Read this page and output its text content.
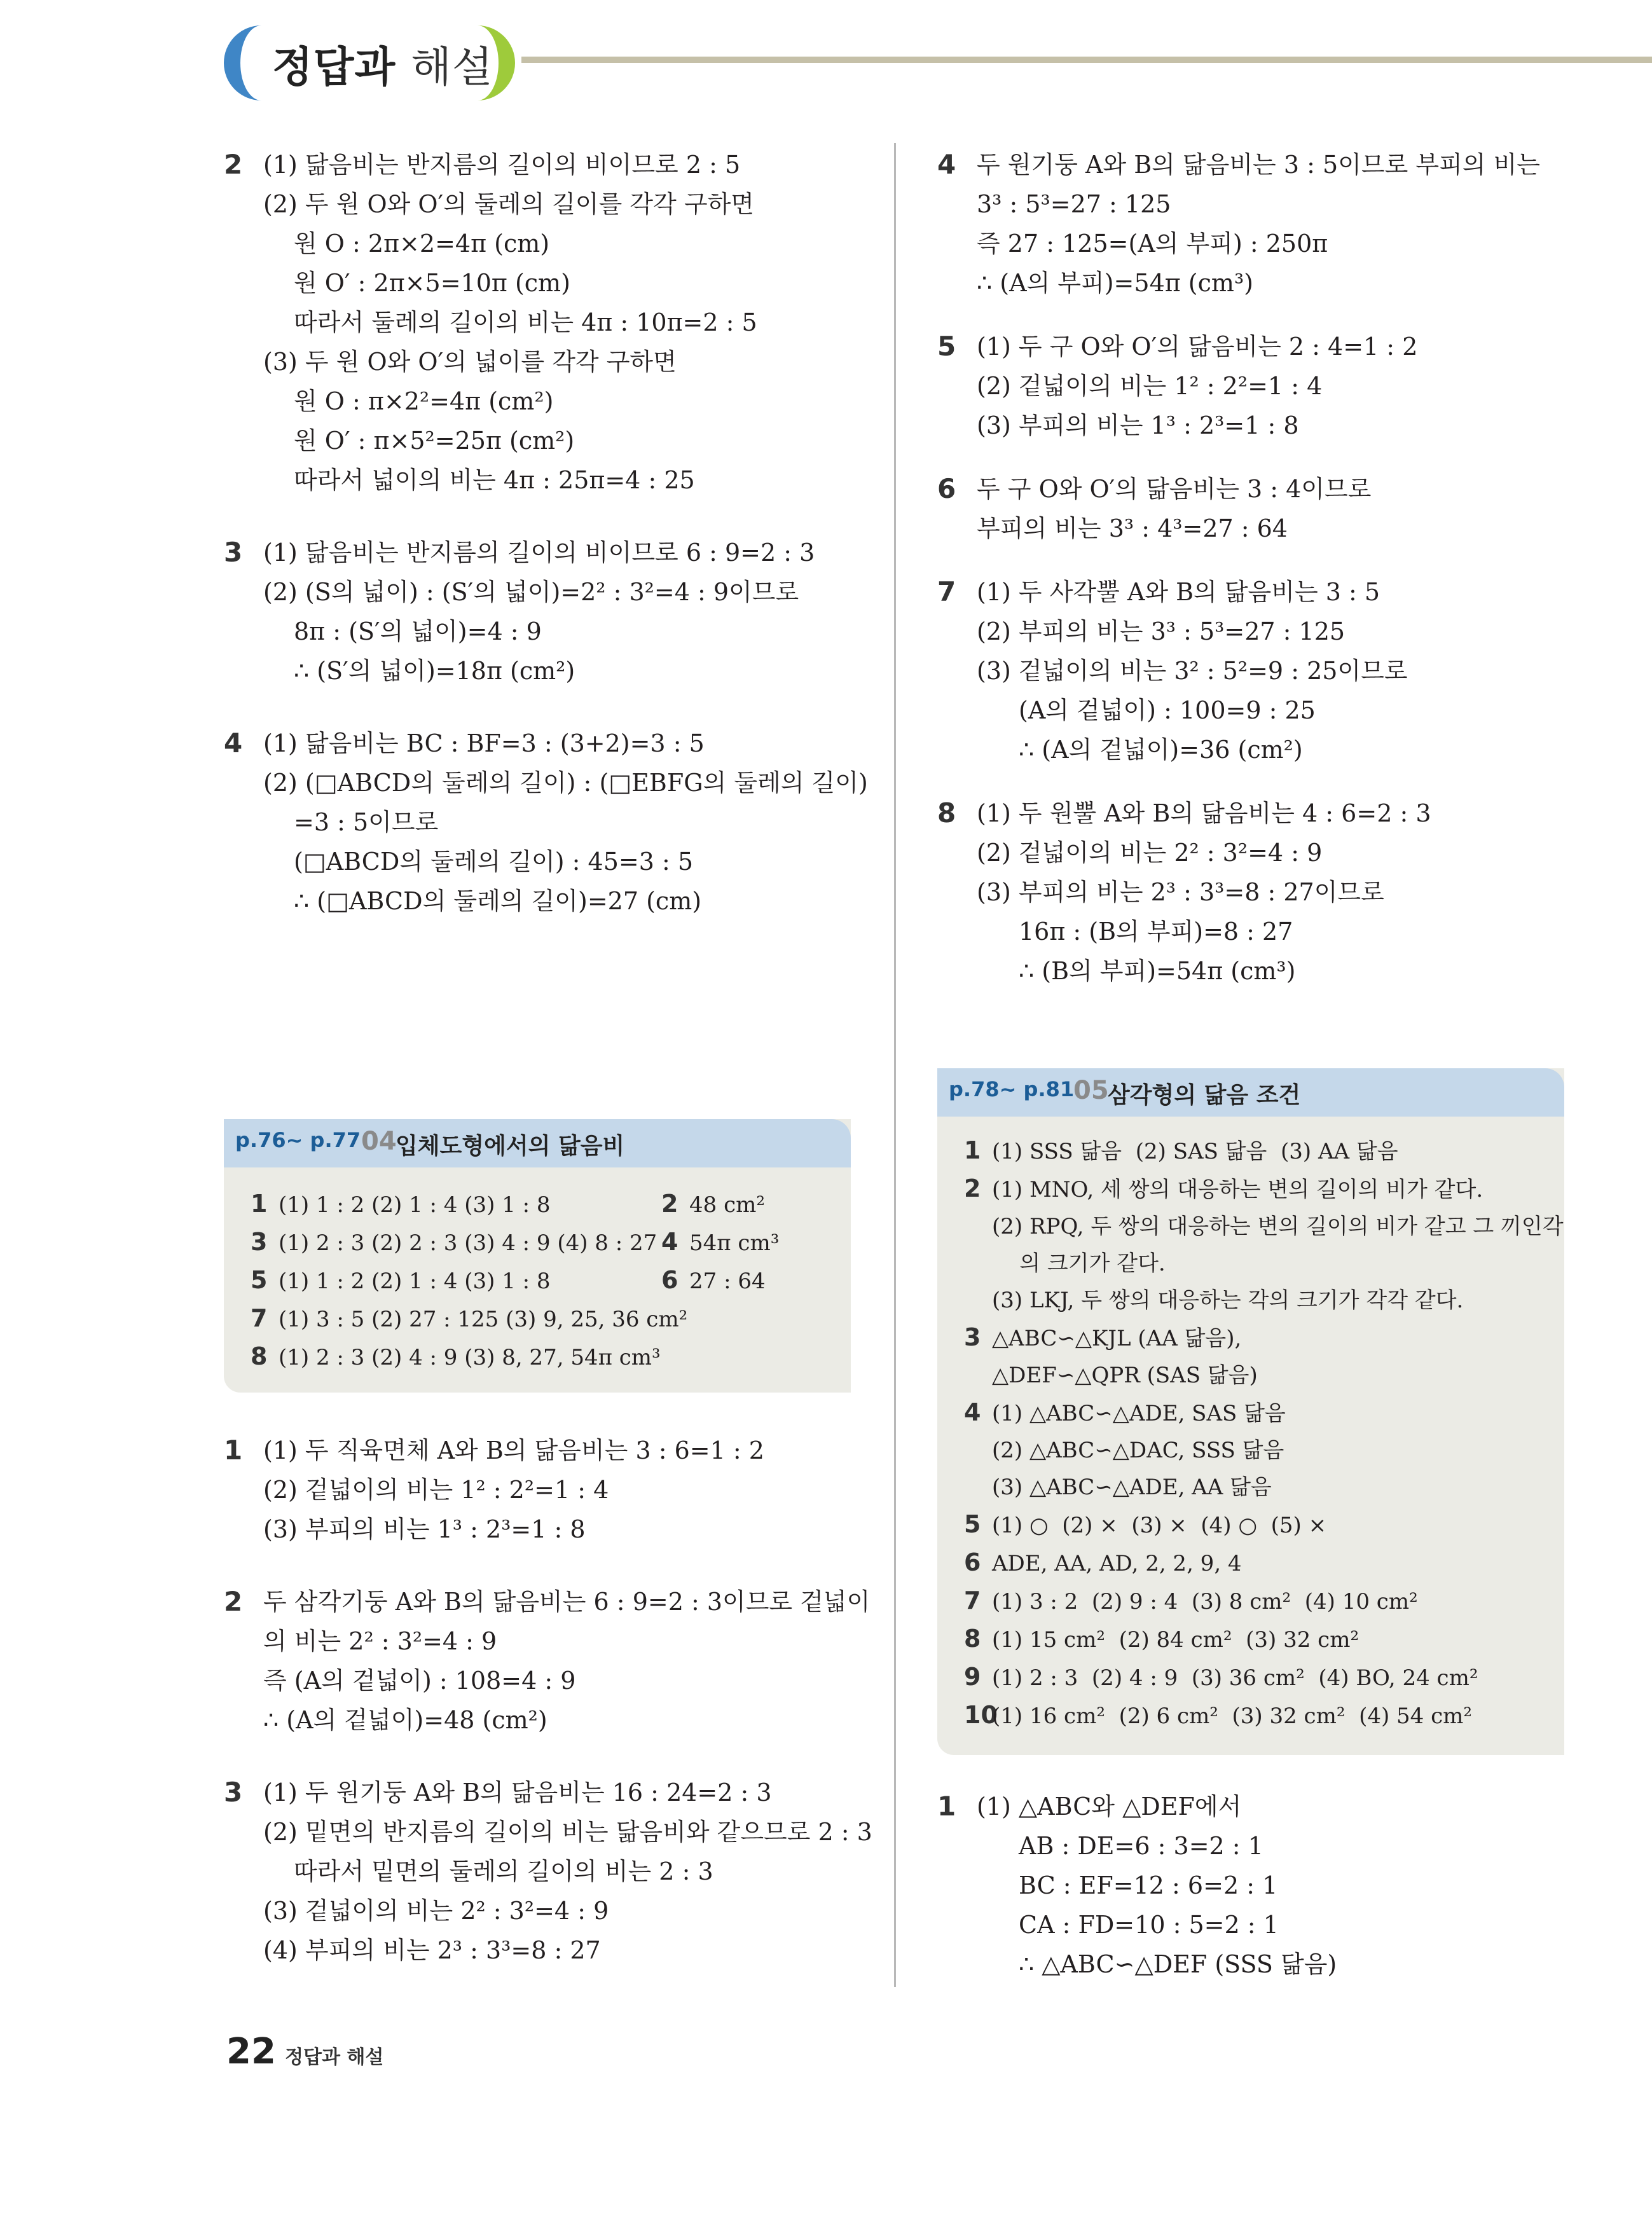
정답과 해설
2 (1) 닮음비는 반지름의 길이의 비이므로 2 : 5
(2) 두 원 O와 O′의 둘레의 길이를 각각 구하면
원 O : 2π×2=4π (cm)
원 O′ : 2π×5=10π (cm)
따라서 둘레의 길이의 비는 4π : 10π=2 : 5
(3) 두 원 O와 O′의 넓이를 각각 구하면
원 O : π×2²=4π (cm²)
원 O′ : π×5²=25π (cm²)
따라서 넓이의 비는 4π : 25π=4 : 25
3 (1) 닮음비는 반지름의 길이의 비이므로 6 : 9=2 : 3
(2) (S의 넓이) : (S′의 넓이)=2² : 3²=4 : 9이므로
8π : (S′의 넓이)=4 : 9
∴ (S′의 넓이)=18π (cm²)
4 (1) 닮음비는 BC : BF=3 : (3+2)=3 : 5
(2) (□ABCD의 둘레의 길이) : (□EBFG의 둘레의 길이)
=3 : 5이므로
(□ABCD의 둘레의 길이) : 45=3 : 5
∴ (□ABCD의 둘레의 길이)=27 (cm)
p.76~ p.77 04
입체도형에서의 닮음비
1 (1) 1 : 2 (2) 1 : 4 (3) 1 : 8	2 48 cm²
3 (1) 2 : 3 (2) 2 : 3 (3) 4 : 9 (4) 8 : 27 4 54π cm³
5 (1) 1 : 2 (2) 1 : 4 (3) 1 : 8	6 27 : 64
7 (1) 3 : 5 (2) 27 : 125 (3) 9, 25, 36 cm²
8 (1) 2 : 3 (2) 4 : 9 (3) 8, 27, 54π cm³
1 (1) 두 직육면체 A와 B의 닮음비는 3 : 6=1 : 2
(2) 겉넓이의 비는 1² : 2²=1 : 4
(3) 부피의 비는 1³ : 2³=1 : 8
2 두 삼각기둥 A와 B의 닮음비는 6 : 9=2 : 3이므로 겉넓이
의 비는 2² : 3²=4 : 9
즉 (A의 겉넓이) : 108=4 : 9
∴ (A의 겉넓이)=48 (cm²)
3 (1) 두 원기둥 A와 B의 닮음비는 16 : 24=2 : 3
(2) 밑면의 반지름의 길이의 비는 닮음비와 같으므로 2 : 3
따라서 밑면의 둘레의 길이의 비는 2 : 3
(3) 겉넓이의 비는 2² : 3²=4 : 9
(4) 부피의 비는 2³ : 3³=8 : 27
4 두 원기둥 A와 B의 닮음비는 3 : 5이므로 부피의 비는
3³ : 5³=27 : 125
즉 27 : 125=(A의 부피) : 250π
∴ (A의 부피)=54π (cm³)
5 (1) 두 구 O와 O′의 닮음비는 2 : 4=1 : 2
(2) 겉넓이의 비는 1² : 2²=1 : 4
(3) 부피의 비는 1³ : 2³=1 : 8
6 두 구 O와 O′의 닮음비는 3 : 4이므로
부피의 비는 3³ : 4³=27 : 64
7 (1) 두 사각뿔 A와 B의 닮음비는 3 : 5
(2) 부피의 비는 3³ : 5³=27 : 125
(3) 겉넓이의 비는 3² : 5²=9 : 25이므로
(A의 겉넓이) : 100=9 : 25
∴ (A의 겉넓이)=36 (cm²)
8 (1) 두 원뿔 A와 B의 닮음비는 4 : 6=2 : 3
(2) 겉넓이의 비는 2² : 3²=4 : 9
(3) 부피의 비는 2³ : 3³=8 : 27이므로
16π : (B의 부피)=8 : 27
∴ (B의 부피)=54π (cm³)
p.78~ p.81
05
삼각형의 닮음 조건
1 (1) SSS 닮음  (2) SAS 닮음  (3) AA 닮음
2 (1) MNO, 세 쌍의 대응하는 변의 길이의 비가 같다.
(2) RPQ, 두 쌍의 대응하는 변의 길이의 비가 같고 그 끼인각
의 크기가 같다.
(3) LKJ, 두 쌍의 대응하는 각의 크기가 각각 같다.
3 △ABC∽△KJL (AA 닮음),
△DEF∽△QPR (SAS 닮음)
4 (1) △ABC∽△ADE, SAS 닮음
(2) △ABC∽△DAC, SSS 닮음
(3) △ABC∽△ADE, AA 닮음
5 (1) ○  (2) ×  (3) ×  (4) ○  (5) ×
6 ADE, AA, AD, 2, 2, 9, 4
7 (1) 3 : 2  (2) 9 : 4  (3) 8 cm²  (4) 10 cm²
8 (1) 15 cm²  (2) 84 cm²  (3) 32 cm²
9 (1) 2 : 3  (2) 4 : 9  (3) 36 cm²  (4) BO, 24 cm²
10(1) 16 cm²  (2) 6 cm²  (3) 32 cm²  (4) 54 cm²
1 (1) △ABC와 △DEF에서
AB : DE=6 : 3=2 : 1
BC : EF=12 : 6=2 : 1
CA : FD=10 : 5=2 : 1
∴ △ABC∽△DEF (SSS 닮음)
22 정답과 해설
